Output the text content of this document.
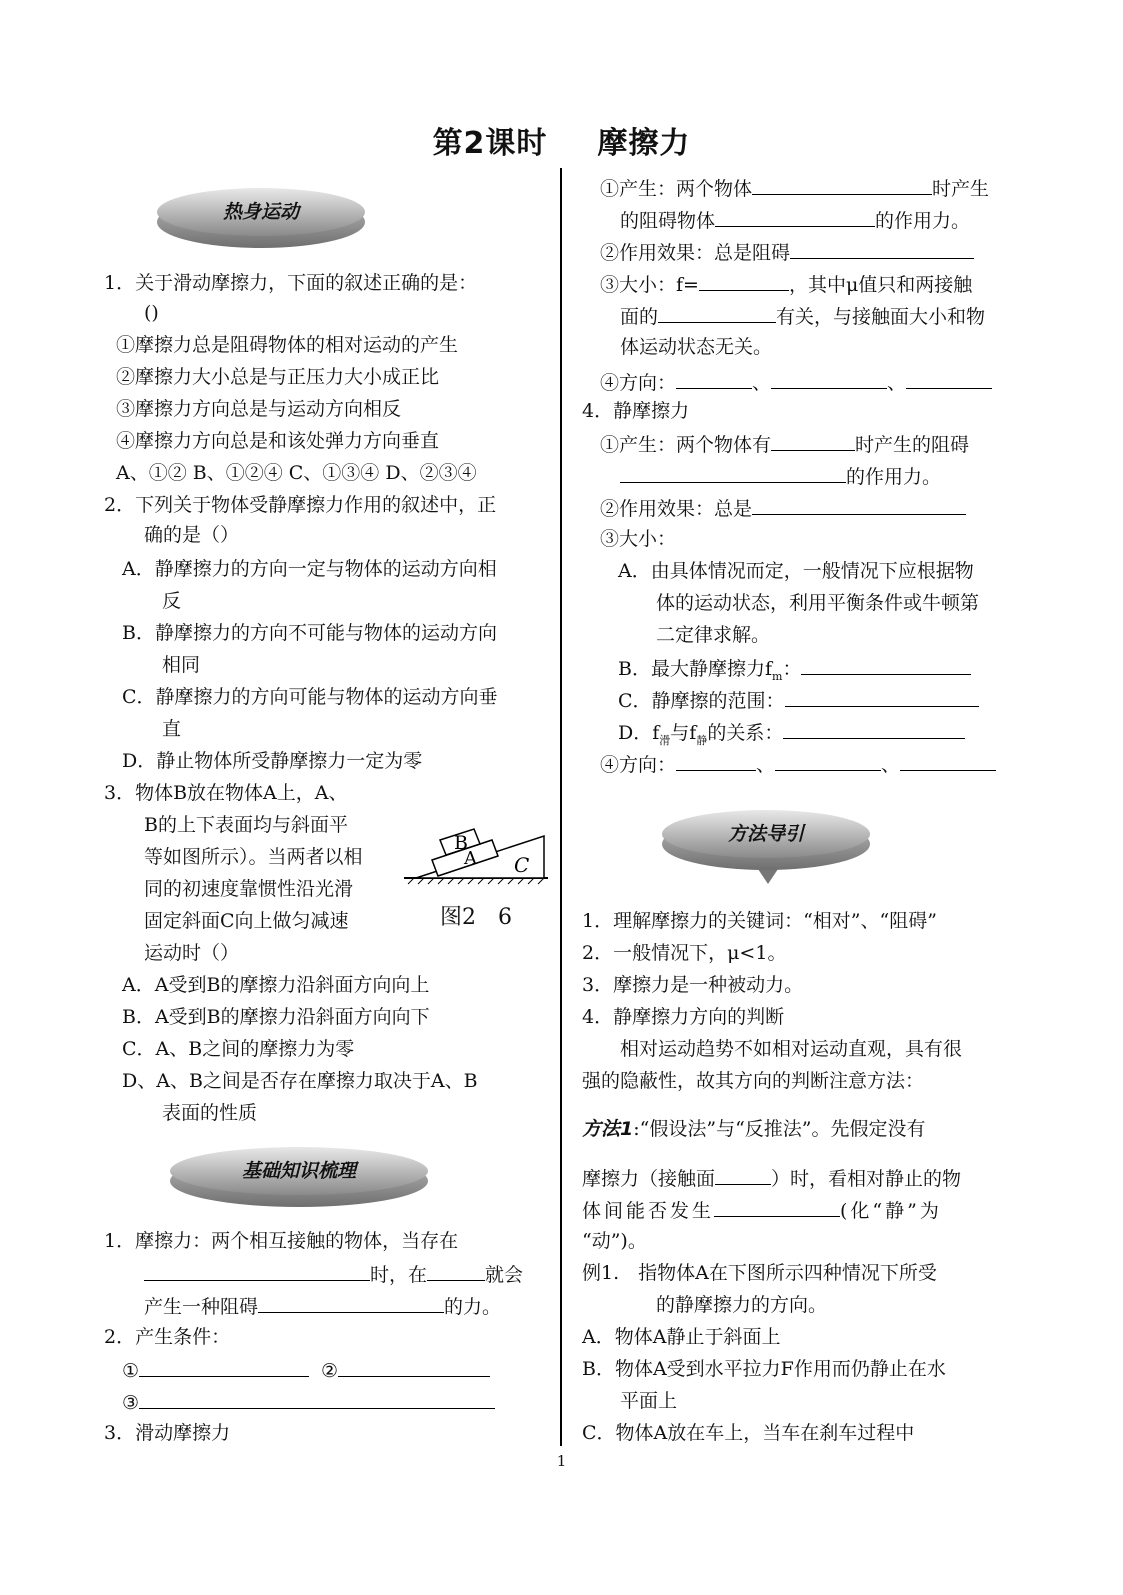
第2课时 摩擦力
热身运动
1．关于滑动摩擦力，下面的叙述正确的是：
()
①摩擦力总是阻碍物体的相对运动的产生
②摩擦力大小总是与正压力大小成正比
③摩擦力方向总是与运动方向相反
④摩擦力方向总是和该处弹力方向垂直
A、①② B、①②④ C、①③④ D、②③④
2．下列关于物体受静摩擦力作用的叙述中，正
确的是（）
A．静摩擦力的方向一定与物体的运动方向相
反
B．静摩擦力的方向不可能与物体的运动方向
相同
C．静摩擦力的方向可能与物体的运动方向垂
直
D．静止物体所受静摩擦力一定为零
3．物体B放在物体A上，A、
B的上下表面均与斜面平
等如图所示）。当两者以相
同的初速度靠惯性沿光滑
固定斜面C向上做匀减速
运动时（）
B
A C
图2　6
A．A受到B的摩擦力沿斜面方向向上
B．A受到B的摩擦力沿斜面方向向下
C．A、B之间的摩擦力为零
D、A、B之间是否存在摩擦力取决于A、B
表面的性质
基础知识梳理
1．摩擦力：两个相互接触的物体，当存在
时，在	就会
产生一种阻碍	的力。
2．产生条件：
①	②
③
3．滑动摩擦力
①产生：两个物体	时产生
的阻碍物体	的作用力。
②作用效果：总是阻碍
③大小：f=	，其中μ值只和两接触
面的	有关，与接触面大小和物
体运动状态无关。
④方向：	、	、
4．静摩擦力
①产生：两个物体有	时产生的阻碍
的作用力。
②作用效果：总是
③大小：
A．由具体情况而定，一般情况下应根据物
体的运动状态，利用平衡条件或牛顿第
二定律求解。
B．最大静摩擦力$f_m$：
C．静摩擦的范围：
D．$f_滑$与$f_静$的关系：
④方向：	、	、
方法导引
1．理解摩擦力的关键词：“相对”、“阻碍”
2．一般情况下，μ<1。
3．摩擦力是一种被动力。
4．静摩擦力方向的判断
相对运动趋势不如相对运动直观，具有很
强的隐蔽性，故其方向的判断注意方法：
方法1:“假设法”与“反推法”。先假定没有
摩擦力（接触面	）时，看相对静止的物
体间能否发生	(化“静”为
“动”)。
例1.　指物体A在下图所示四种情况下所受
的静摩擦力的方向。
A．物体A静止于斜面上
B．物体A受到水平拉力F作用而仍静止在水
平面上
C．物体A放在车上，当车在刹车过程中
1
